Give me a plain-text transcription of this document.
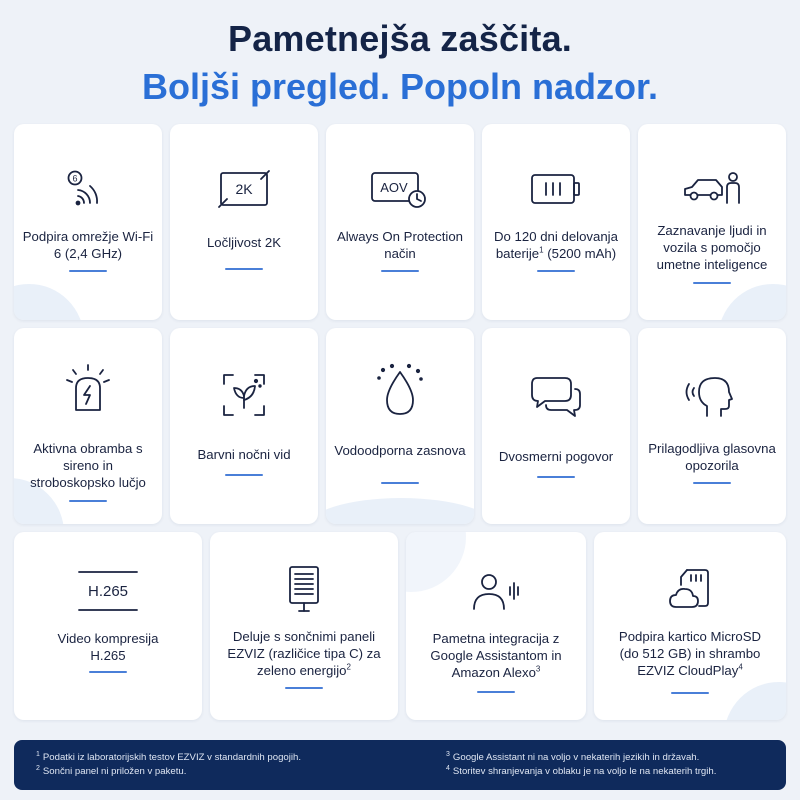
Pametnejša zaščita.
Boljši pregled. Popoln nadzor.
6
Podpira omrežje Wi-Fi 6 (2,4 GHz)
2K
Ločljivost 2K
AOV
Always On Protection način
Do 120 dni delovanja baterije$^1$ (5200 mAh)
Zaznavanje ljudi in vozila s pomočjo umetne inteligence
Aktivna obramba s sireno in stroboskopsko lučjo
Barvni nočni vid	Vodoodporna zasnova	Dvosmerni pogovor
Prilagodljiva glasovna opozorila
H.265
Video kompresija H.265
Deluje s sončnimi paneli EZVIZ (različice tipa C) za zeleno energijo$^2$
Pametna integracija z Google Assistantom in Amazon Alexo$^3$
Podpira kartico MicroSD (do 512 GB) in shrambo EZVIZ CloudPlay$^4$
$^1$ Podatki iz laboratorijskih testov EZVIZ v standardnih pogojih.
$^2$ Sončni panel ni priložen v paketu.
$^3$ Google Assistant ni na voljo v nekaterih jezikih in državah.
$^4$ Storitev shranjevanja v oblaku je na voljo le na nekaterih trgih.
